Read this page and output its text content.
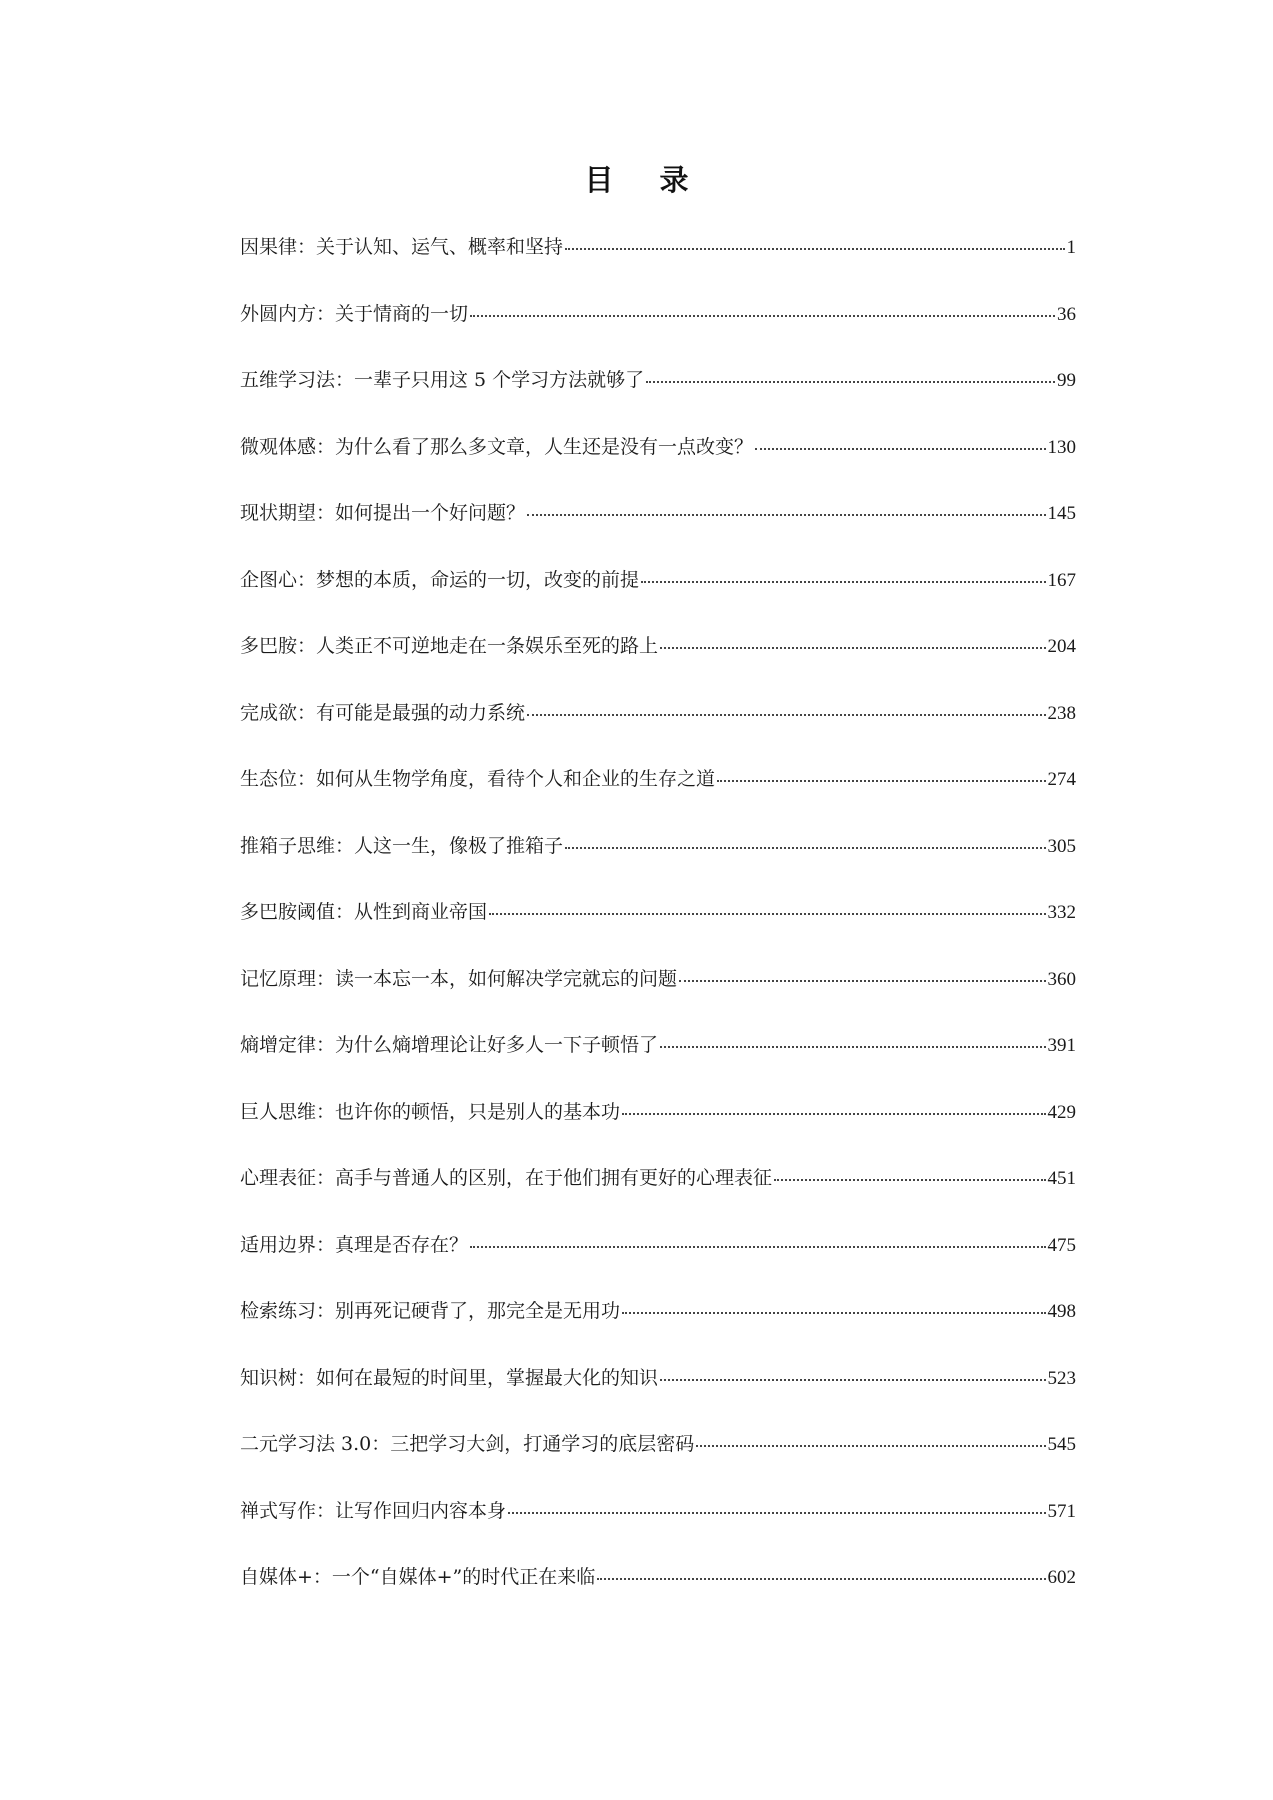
目 录
因果律：关于认知、运气、概率和坚持	1
外圆内方：关于情商的一切	36
五维学习法：一辈子只用这 5 个学习方法就够了	99
微观体感：为什么看了那么多文章，人生还是没有一点改变？	130
现状期望：如何提出一个好问题？	145
企图心：梦想的本质，命运的一切，改变的前提	167
多巴胺：人类正不可逆地走在一条娱乐至死的路上	204
完成欲：有可能是最强的动力系统	238
生态位：如何从生物学角度，看待个人和企业的生存之道	274
推箱子思维：人这一生，像极了推箱子	305
多巴胺阈值：从性到商业帝国	332
记忆原理：读一本忘一本，如何解决学完就忘的问题	360
熵增定律：为什么熵增理论让好多人一下子顿悟了	391
巨人思维：也许你的顿悟，只是别人的基本功	429
心理表征：高手与普通人的区别，在于他们拥有更好的心理表征	451
适用边界：真理是否存在？	475
检索练习：别再死记硬背了，那完全是无用功	498
知识树：如何在最短的时间里，掌握最大化的知识	523
二元学习法 3.0：三把学习大剑，打通学习的底层密码	545
禅式写作：让写作回归内容本身	571
自媒体+：一个“自媒体+”的时代正在来临	602
